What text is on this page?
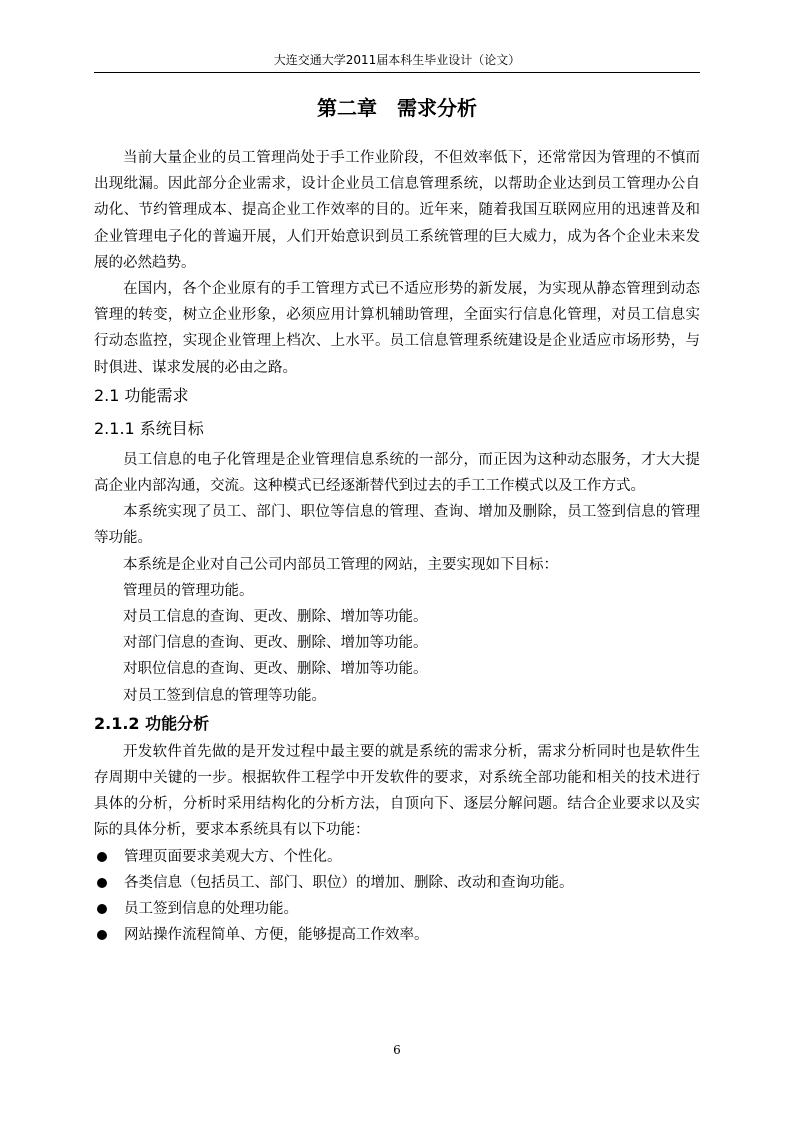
大连交通大学2011届本科生毕业设计（论文）
第二章　需求分析

当前大量企业的员工管理尚处于手工作业阶段，不但效率低下，还常常因为管理的不慎而出现纰漏。因此部分企业需求，设计企业员工信息管理系统，以帮助企业达到员工管理办公自动化、节约管理成本、提高企业工作效率的目的。近年来，随着我国互联网应用的迅速普及和企业管理电子化的普遍开展，人们开始意识到员工系统管理的巨大威力，成为各个企业未来发展的必然趋势。

在国内，各个企业原有的手工管理方式已不适应形势的新发展，为实现从静态管理到动态管理的转变，树立企业形象，必须应用计算机辅助管理，全面实行信息化管理，对员工信息实行动态监控，实现企业管理上档次、上水平。员工信息管理系统建设是企业适应市场形势，与时俱进、谋求发展的必由之路。

2.1 功能需求

2.1.1 系统目标

员工信息的电子化管理是企业管理信息系统的一部分，而正因为这种动态服务，才大大提高企业内部沟通，交流。这种模式已经逐渐替代到过去的手工工作模式以及工作方式。

本系统实现了员工、部门、职位等信息的管理、查询、增加及删除，员工签到信息的管理等功能。

本系统是企业对自己公司内部员工管理的网站，主要实现如下目标：

管理员的管理功能。

对员工信息的查询、更改、删除、增加等功能。

对部门信息的查询、更改、删除、增加等功能。

对职位信息的查询、更改、删除、增加等功能。

对员工签到信息的管理等功能。

2.1.2 功能分析

开发软件首先做的是开发过程中最主要的就是系统的需求分析，需求分析同时也是软件生存周期中关键的一步。根据软件工程学中开发软件的要求，对系统全部功能和相关的技术进行具体的分析，分析时采用结构化的分析方法，自顶向下、逐层分解问题。结合企业要求以及实际的具体分析，要求本系统具有以下功能：

管理页面要求美观大方、个性化。
各类信息（包括员工、部门、职位）的增加、删除、改动和查询功能。
员工签到信息的处理功能。
网站操作流程简单、方便，能够提高工作效率。
6
